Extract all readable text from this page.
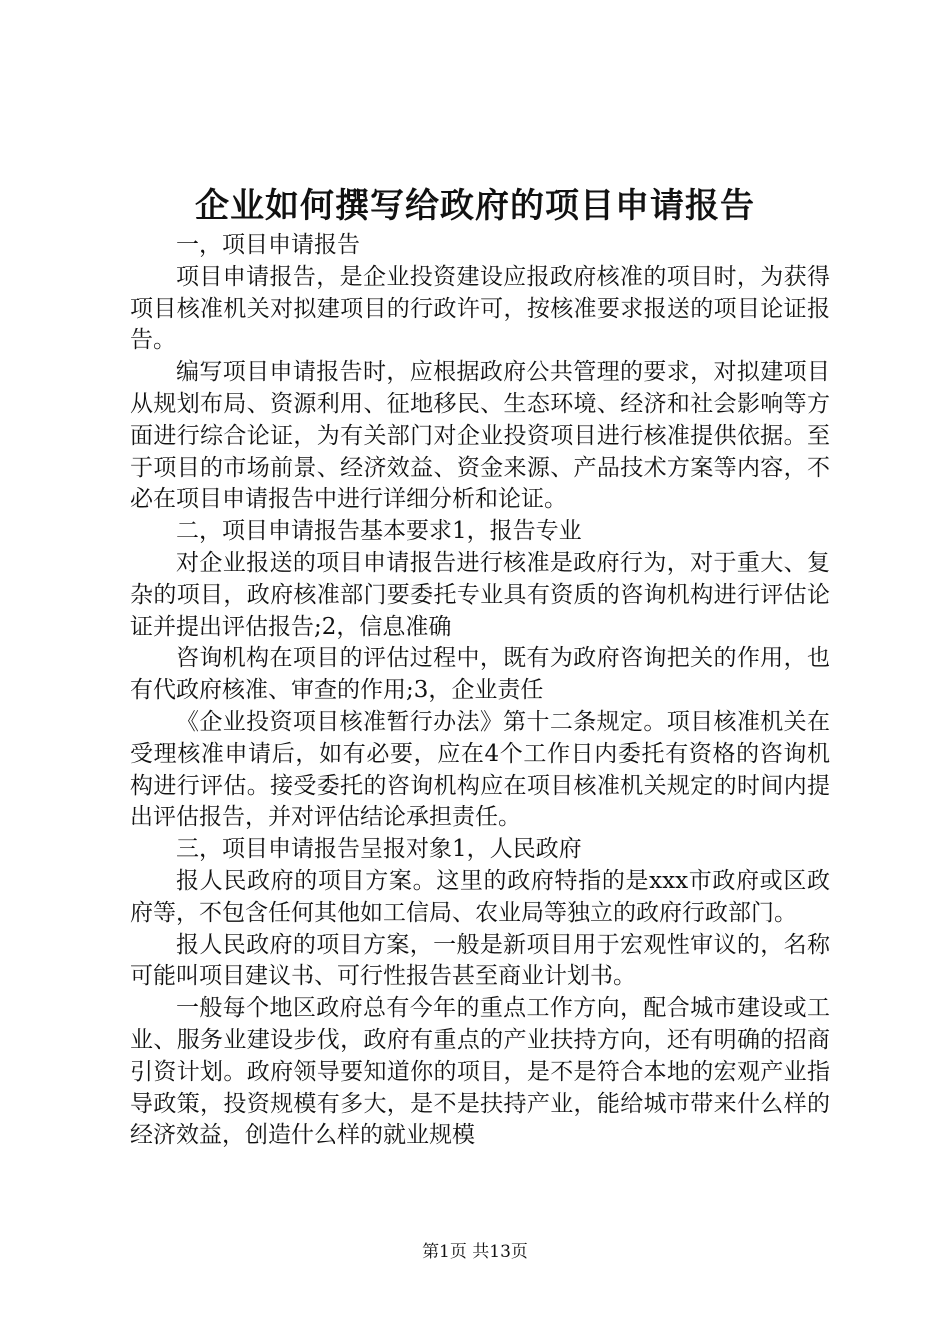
企业如何撰写给政府的项目申请报告

一，项目申请报告

项目申请报告，是企业投资建设应报政府核准的项目时，为获得项目核准机关对拟建项目的行政许可，按核准要求报送的项目论证报告。

编写项目申请报告时，应根据政府公共管理的要求，对拟建项目从规划布局、资源利用、征地移民、生态环境、经济和社会影响等方面进行综合论证，为有关部门对企业投资项目进行核准提供依据。至于项目的市场前景、经济效益、资金来源、产品技术方案等内容，不必在项目申请报告中进行详细分析和论证。

二，项目申请报告基本要求1，报告专业

对企业报送的项目申请报告进行核准是政府行为，对于重大、复杂的项目，政府核准部门要委托专业具有资质的咨询机构进行评估论证并提出评估报告;2，信息准确

咨询机构在项目的评估过程中，既有为政府咨询把关的作用，也有代政府核准、审查的作用;3，企业责任

《企业投资项目核准暂行办法》第十二条规定。项目核准机关在受理核准申请后，如有必要，应在4个工作日内委托有资格的咨询机构进行评估。接受委托的咨询机构应在项目核准机关规定的时间内提出评估报告，并对评估结论承担责任。

三，项目申请报告呈报对象1，人民政府

报人民政府的项目方案。这里的政府特指的是xxx市政府或区政府等，不包含任何其他如工信局、农业局等独立的政府行政部门。

报人民政府的项目方案，一般是新项目用于宏观性审议的，名称可能叫项目建议书、可行性报告甚至商业计划书。

一般每个地区政府总有今年的重点工作方向，配合城市建设或工业、服务业建设步伐，政府有重点的产业扶持方向，还有明确的招商引资计划。政府领导要知道你的项目，是不是符合本地的宏观产业指导政策，投资规模有多大，是不是扶持产业，能给城市带来什么样的经济效益，创造什么样的就业规模

第1页 共13页
